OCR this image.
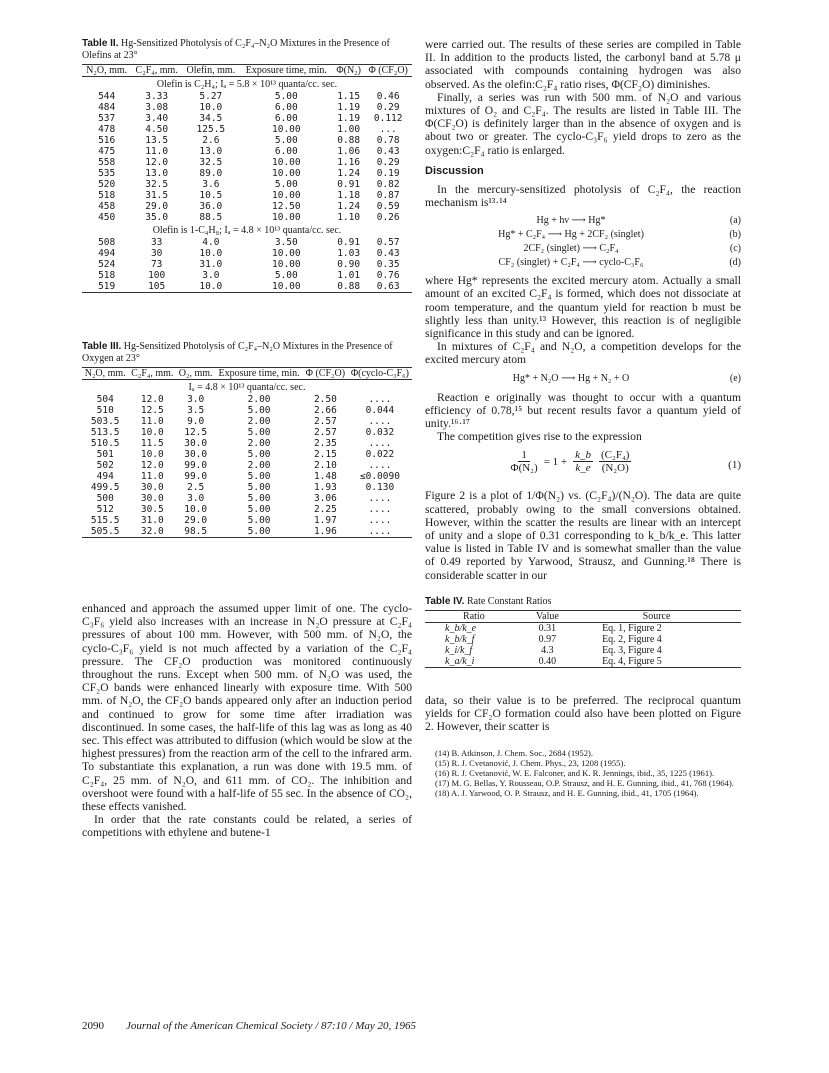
Table II. Hg-Sensitized Photolysis of C₂F₄–N₂O Mixtures in the Presence of Olefins at 23°
N₂O, mm.	C₂F₄, mm.	Olefin, mm.	Exposure time, min.	Φ(N₂)	Φ (CF₂O)
Olefin is C₂H₄; Iₐ = 5.8 × 10¹³ quanta/cc. sec.					
544	3.33	5.27	5.00	1.15	0.46
484	3.08	10.0	6.00	1.19	0.29
537	3.40	34.5	6.00	1.19	0.112
478	4.50	125.5	10.00	1.00	...
516	13.5	2.6	5.00	0.88	0.78
475	11.0	13.0	6.00	1.06	0.43
558	12.0	32.5	10.00	1.16	0.29
535	13.0	89.0	10.00	1.24	0.19
520	32.5	3.6	5.00	0.91	0.82
518	31.5	10.5	10.00	1.18	0.87
458	29.0	36.0	12.50	1.24	0.59
450	35.0	88.5	10.00	1.10	0.26
Olefin is 1-C₄H₈; Iₐ = 4.8 × 10¹³ quanta/cc. sec.					
508	33	4.0	3.50	0.91	0.57
494	30	10.0	10.00	1.03	0.43
524	73	31.0	10.00	0.90	0.35
518	100	3.0	5.00	1.01	0.76
519	105	10.0	10.00	0.88	0.63
Table III. Hg-Sensitized Photolysis of C₂F₄–N₂O Mixtures in the Presence of Oxygen at 23°
N₂O, mm.	C₂F₄, mm.	O₂, mm.	Exposure time, min.	Φ (CF₂O)	Φ(cyclo-C₃F₆)
Iₐ = 4.8 × 10¹³ quanta/cc. sec.					
504	12.0	3.0	2.00	2.50	....
510	12.5	3.5	5.00	2.66	0.044
503.5	11.0	9.0	2.00	2.57	....
513.5	10.0	12.5	5.00	2.57	0.032
510.5	11.5	30.0	2.00	2.35	....
501	10.0	30.0	5.00	2.15	0.022
502	12.0	99.0	2.00	2.10	....
494	11.0	99.0	5.00	1.48	≤0.0090
499.5	30.0	2.5	5.00	1.93	0.130
500	30.0	3.0	5.00	3.06	....
512	30.5	10.0	5.00	2.25	....
515.5	31.0	29.0	5.00	1.97	....
505.5	32.0	98.5	5.00	1.96	....

enhanced and approach the assumed upper limit of one. The cyclo-C₃F₆ yield also increases with an increase in N₂O pressure at C₂F₄ pressures of about 100 mm. However, with 500 mm. of N₂O, the cyclo-C₃F₆ yield is not much affected by a variation of the C₂F₄ pressure. The CF₂O production was monitored continuously throughout the runs. Except when 500 mm. of N₂O was used, the CF₂O bands were enhanced linearly with exposure time. With 500 mm. of N₂O, the CF₂O bands appeared only after an induction period and continued to grow for some time after irradiation was discontinued. In some cases, the half-life of this lag was as long as 40 sec. This effect was attributed to diffusion (which would be slow at the highest pressures) from the reaction arm of the cell to the infrared arm. To substantiate this explanation, a run was done with 19.5 mm. of C₂F₄, 25 mm. of N₂O, and 611 mm. of CO₂. The inhibition and overshoot were found with a half-life of 55 sec. In the absence of CO₂, these effects vanished.

In order that the rate constants could be related, a series of competitions with ethylene and butene-1

were carried out. The results of these series are compiled in Table II. In addition to the products listed, the carbonyl band at 5.78 μ associated with compounds containing hydrogen was also observed. As the olefin:C₂F₄ ratio rises, Φ(CF₂O) diminishes.

Finally, a series was run with 500 mm. of N₂O and various mixtures of O₂ and C₂F₄. The results are listed in Table III. The Φ(CF₂O) is definitely larger than in the absence of oxygen and is about two or greater. The cyclo-C₃F₆ yield drops to zero as the oxygen:C₂F₄ ratio is enlarged.

Discussion

In the mercury-sensitized photolysis of C₂F₄, the reaction mechanism is¹³·¹⁴

Hg + hν ⟶ Hg*	(a)
Hg* + C₂F₄ ⟶ Hg + 2CF₂ (singlet)	(b)
2CF₂ (singlet) ⟶ C₂F₄	(c)
CF₂ (singlet) + C₂F₄ ⟶ cyclo-C₃F₆	(d)

where Hg* represents the excited mercury atom. Actually a small amount of an excited C₂F₄ is formed, which does not dissociate at room temperature, and the quantum yield for reaction b must be slightly less than unity.¹³ However, this reaction is of negligible significance in this study and can be ignored.

In mixtures of C₂F₄ and N₂O, a competition develops for the excited mercury atom

Hg* + N₂O ⟶ Hg + N₂ + O	(e)

Reaction e originally was thought to occur with a quantum efficiency of 0.78,¹⁵ but recent results favor a quantum yield of unity.¹⁶·¹⁷

The competition gives rise to the expression

$\frac{1}{\text{Φ(N₂)}} = 1 + \frac{k\_b}{k\_e} \frac{\text{(C₂F₄)}}{\text{(N₂O)}}$	(1)

Figure 2 is a plot of 1/Φ(N₂) vs. (C₂F₄)/(N₂O). The data are quite scattered, probably owing to the small conversions obtained. However, within the scatter the results are linear with an intercept of unity and a slope of 0.31 corresponding to k_b/k_e. This latter value is listed in Table IV and is somewhat smaller than the value of 0.49 reported by Yarwood, Strausz, and Gunning.¹⁸ There is considerable scatter in our

Table IV. Rate Constant Ratios
Ratio	Value	Source
k_b/k_e	0.31	Eq. 1, Figure 2
k_b/k_f	0.97	Eq. 2, Figure 4
k_i/k_f	4.3	Eq. 3, Figure 4
k_a/k_i	0.40	Eq. 4, Figure 5

data, so their value is to be preferred. The reciprocal quantum yields for CF₂O formation could also have been plotted on Figure 2. However, their scatter is

(14) B. Atkinson, J. Chem. Soc., 2684 (1952).
(15) R. J. Cvetanović, J. Chem. Phys., 23, 1208 (1955).
(16) R. J. Cvetanović, W. E. Falconer, and K. R. Jennings, ibid., 35, 1225 (1961).
(17) M. G. Bellas, Y. Rousseau, O.P. Strausz, and H. E. Gunning, ibid., 41, 768 (1964).
(18) A. J. Yarwood, O. P. Strausz, and H. E. Gunning, ibid., 41, 1705 (1964).
2090 Journal of the American Chemical Society / 87:10 / May 20, 1965
